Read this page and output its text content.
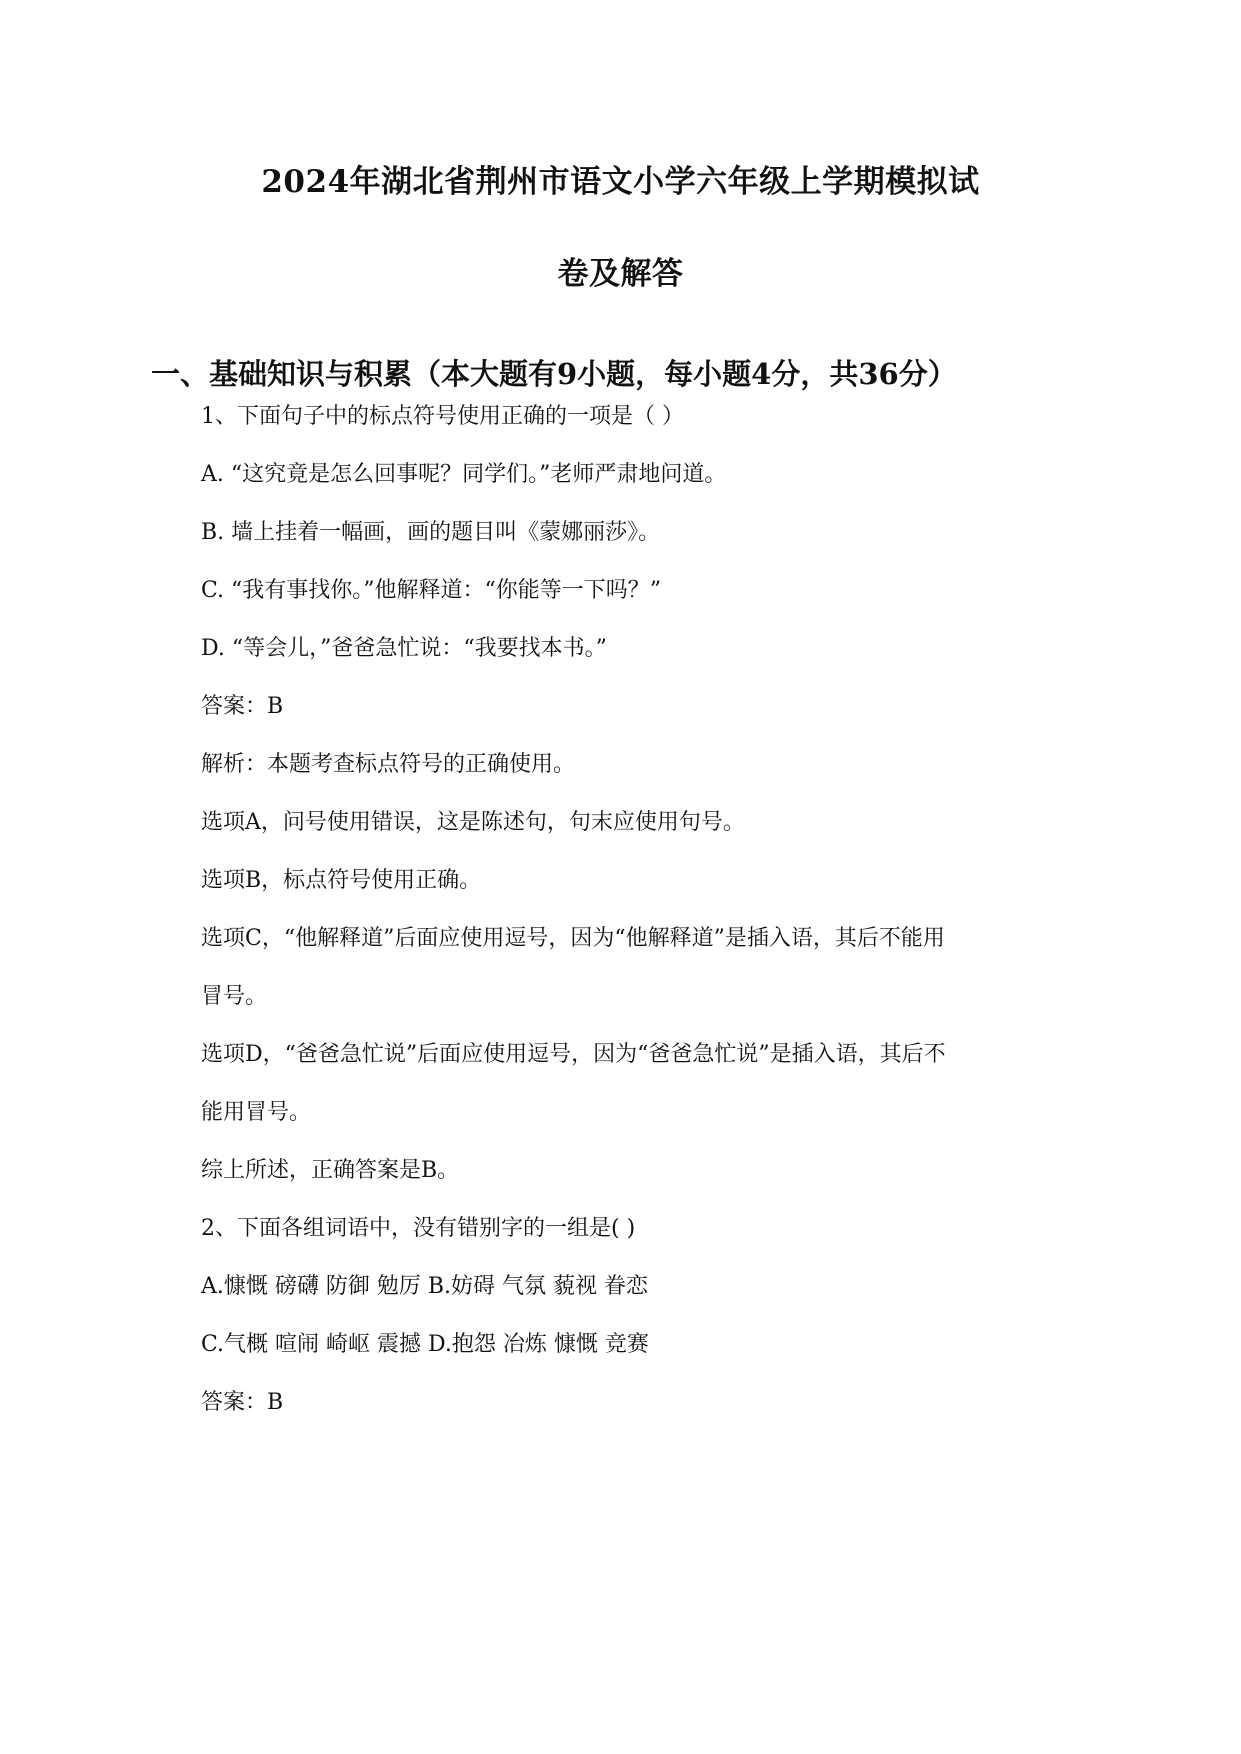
2024年湖北省荆州市语文小学六年级上学期模拟试
卷及解答
一、基础知识与积累（本大题有9小题，每小题4分，共36分）
1、下面句子中的标点符号使用正确的一项是（ ）
A. “这究竟是怎么回事呢？同学们。”老师严肃地问道。
B. 墙上挂着一幅画，画的题目叫《蒙娜丽莎》。
C. “我有事找你。”他解释道：“你能等一下吗？”
D. “等会儿，”爸爸急忙说：“我要找本书。”
答案：B
解析：本题考查标点符号的正确使用。
选项A，问号使用错误，这是陈述句，句末应使用句号。
选项B，标点符号使用正确。
选项C，“他解释道”后面应使用逗号，因为“他解释道”是插入语，其后不能用
冒号。
选项D，“爸爸急忙说”后面应使用逗号，因为“爸爸急忙说”是插入语，其后不
能用冒号。
综上所述，正确答案是B。
2、下面各组词语中，没有错别字的一组是( )
A.慷慨 磅礴 防御 勉厉 B.妨碍 气氛 藐视 眷恋
C.气概 喧闹 崎岖 震撼 D.抱怨 冶炼 慷慨 竞赛
答案：B
